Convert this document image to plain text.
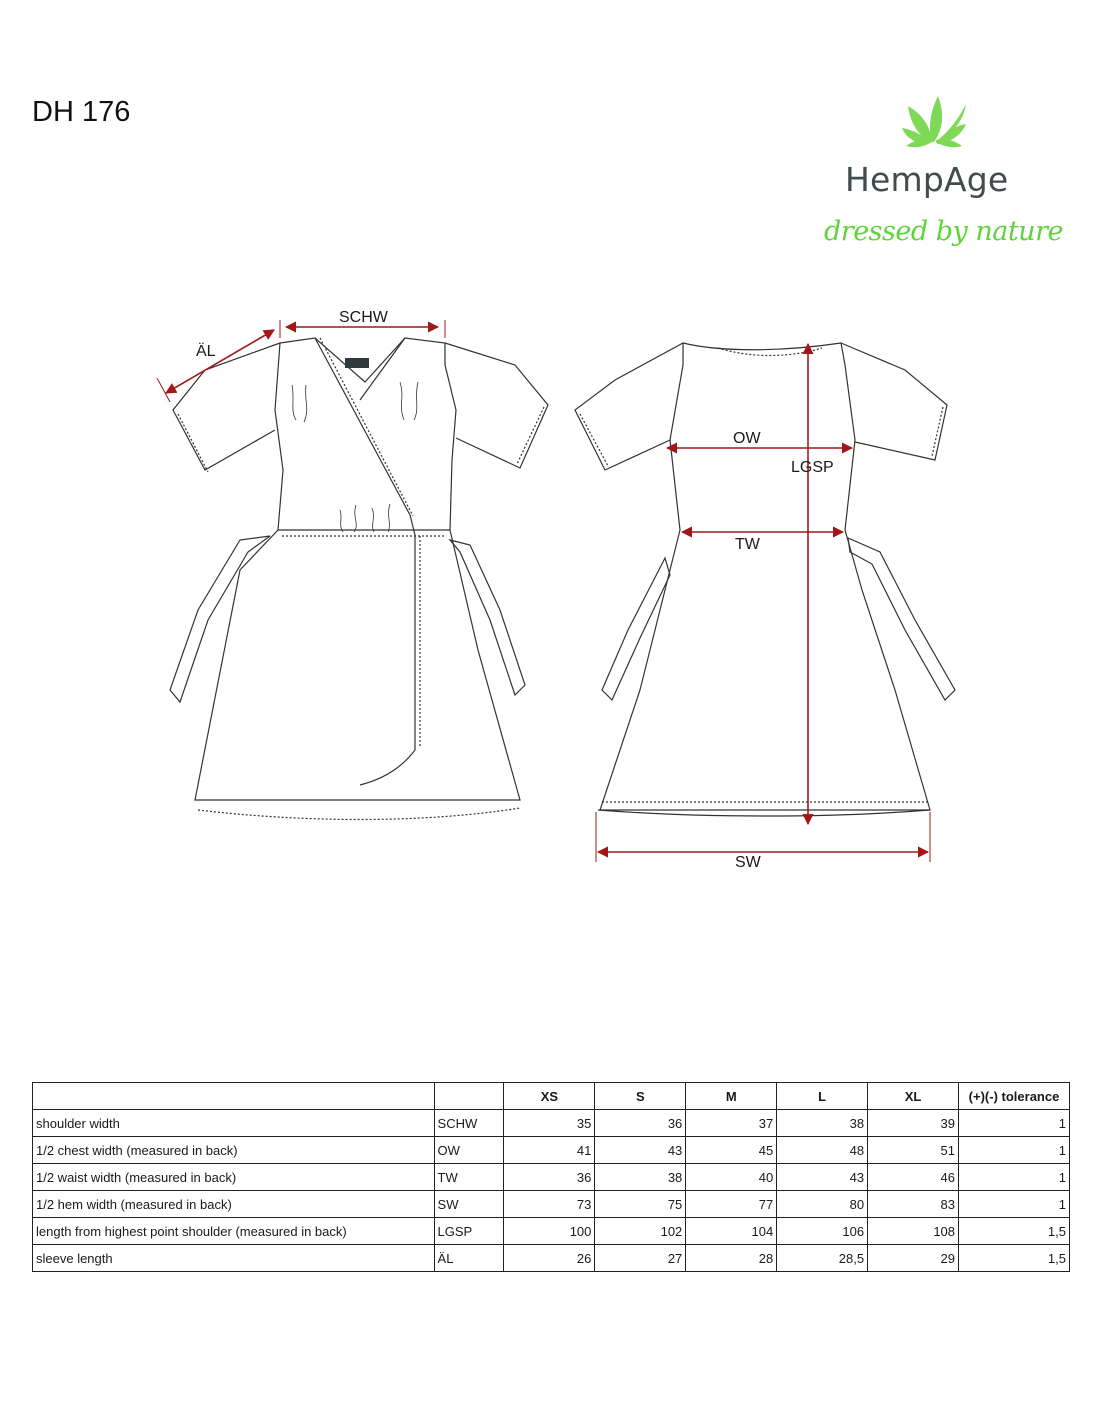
DH 176
HempAge
dressed by nature
SCHW
ÄL
OW
LGSP
TW
SW
		XS	S	M	L	XL	(+)(-) tolerance
shoulder width	SCHW	35	36	37	38	39	1
1/2 chest width (measured in back)	OW	41	43	45	48	51	1
1/2 waist width (measured in back)	TW	36	38	40	43	46	1
1/2 hem width (measured in back)	SW	73	75	77	80	83	1
length from highest point shoulder (measured in back)	LGSP	100	102	104	106	108	1,5
sleeve length	ÄL	26	27	28	28,5	29	1,5
